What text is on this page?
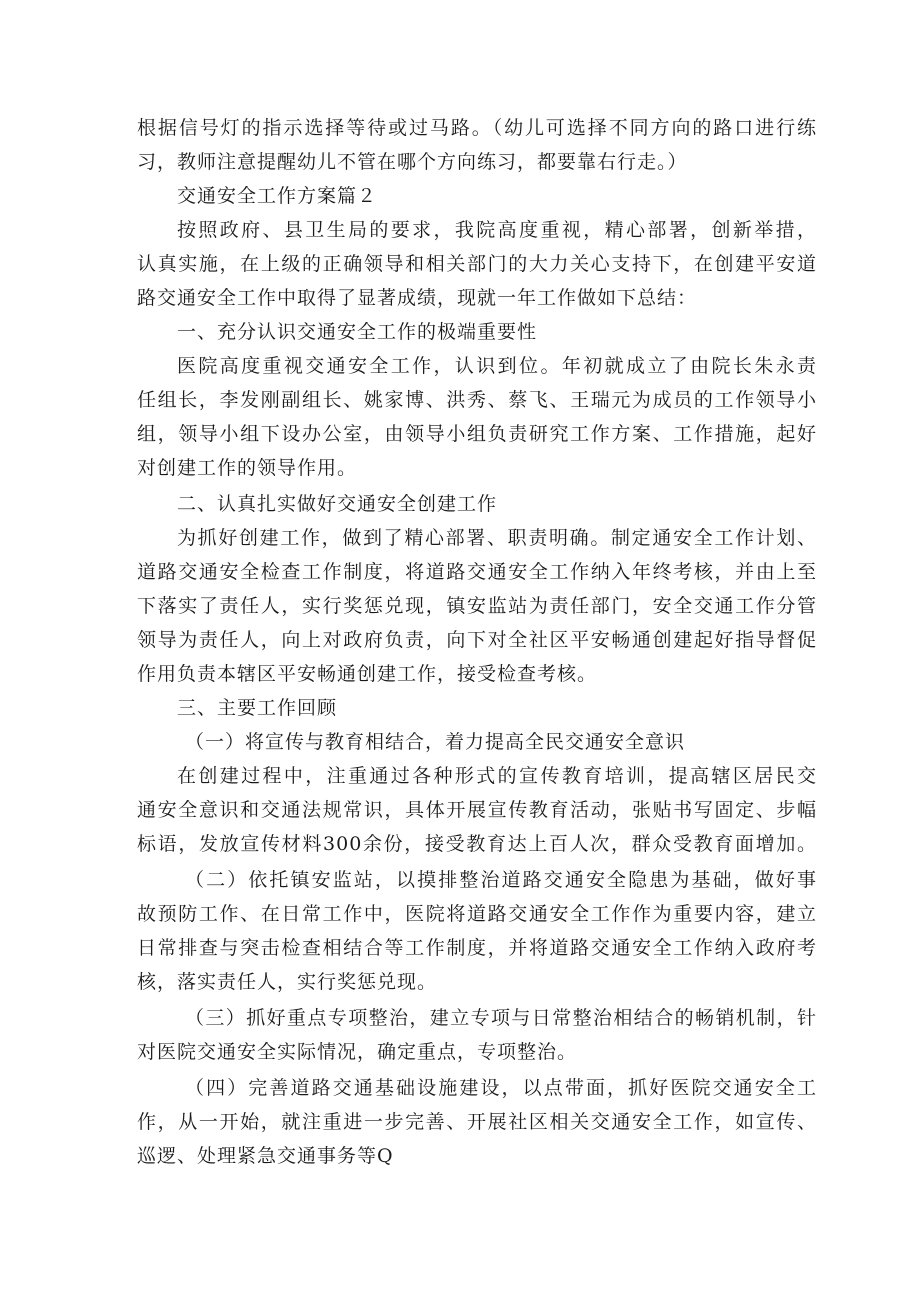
根据信号灯的指示选择等待或过马路。（幼儿可选择不同方向的路口进行练
习，教师注意提醒幼儿不管在哪个方向练习，都要靠右行走。）
交通安全工作方案篇２
按照政府、县卫生局的要求，我院高度重视，精心部署，创新举措，
认真实施，在上级的正确领导和相关部门的大力关心支持下，在创建平安道
路交通安全工作中取得了显著成绩，现就一年工作做如下总结：
一、充分认识交通安全工作的极端重要性
医院高度重视交通安全工作，认识到位。年初就成立了由院长朱永责
任组长，李发刚副组长、姚家博、洪秀、蔡飞、王瑞元为成员的工作领导小
组，领导小组下设办公室，由领导小组负责研究工作方案、工作措施，起好
对创建工作的领导作用。
二、认真扎实做好交通安全创建工作
为抓好创建工作，做到了精心部署、职责明确。制定通安全工作计划、
道路交通安全检查工作制度，将道路交通安全工作纳入年终考核，并由上至
下落实了责任人，实行奖惩兑现，镇安监站为责任部门，安全交通工作分管
领导为责任人，向上对政府负责，向下对全社区平安畅通创建起好指导督促
作用负责本辖区平安畅通创建工作，接受检查考核。
三、主要工作回顾
（一）将宣传与教育相结合，着力提高全民交通安全意识
在创建过程中，注重通过各种形式的宣传教育培训，提高辖区居民交
通安全意识和交通法规常识，具体开展宣传教育活动，张贴书写固定、步幅
标语，发放宣传材料300余份，接受教育达上百人次，群众受教育面增加。
（二）依托镇安监站，以摸排整治道路交通安全隐患为基础，做好事
故预防工作、在日常工作中，医院将道路交通安全工作作为重要内容，建立
日常排查与突击检查相结合等工作制度，并将道路交通安全工作纳入政府考
核，落实责任人，实行奖惩兑现。
（三）抓好重点专项整治，建立专项与日常整治相结合的畅销机制，针
对医院交通安全实际情况，确定重点，专项整治。
（四）完善道路交通基础设施建设，以点带面，抓好医院交通安全工
作，从一开始，就注重进一步完善、开展社区相关交通安全工作，如宣传、
巡逻、处理紧急交通事务等Q
